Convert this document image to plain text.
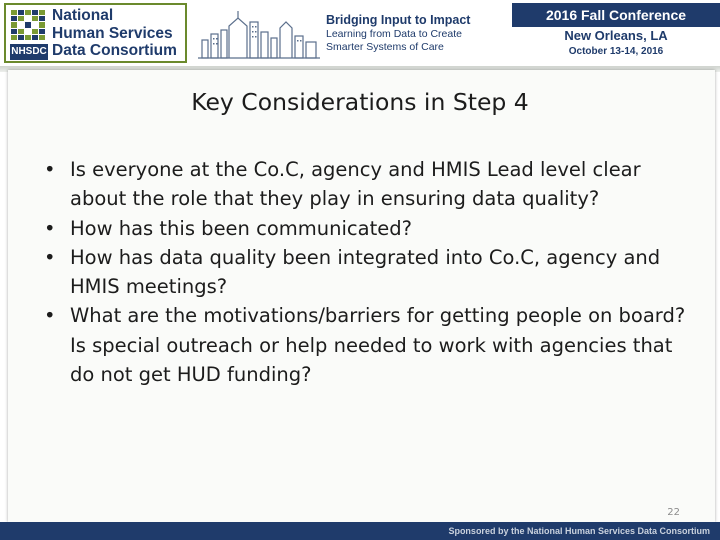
NHSDC
National
Human Services
Data Consortium
Bridging Input to Impact
Learning from Data to Create
Smarter Systems of Care
2016 Fall Conference
New Orleans, LA
October 13-14, 2016
Key Considerations in Step 4
• Is everyone at the Co.C, agency and HMIS Lead level clear about the role that they play in ensuring data quality?
• How has this been communicated?
• How has data quality been integrated into Co.C, agency and HMIS meetings?
• What are the motivations/barriers for getting people on board? Is special outreach or help needed to work with agencies that do not get HUD funding?
22
Sponsored by the National Human Services Data Consortium
